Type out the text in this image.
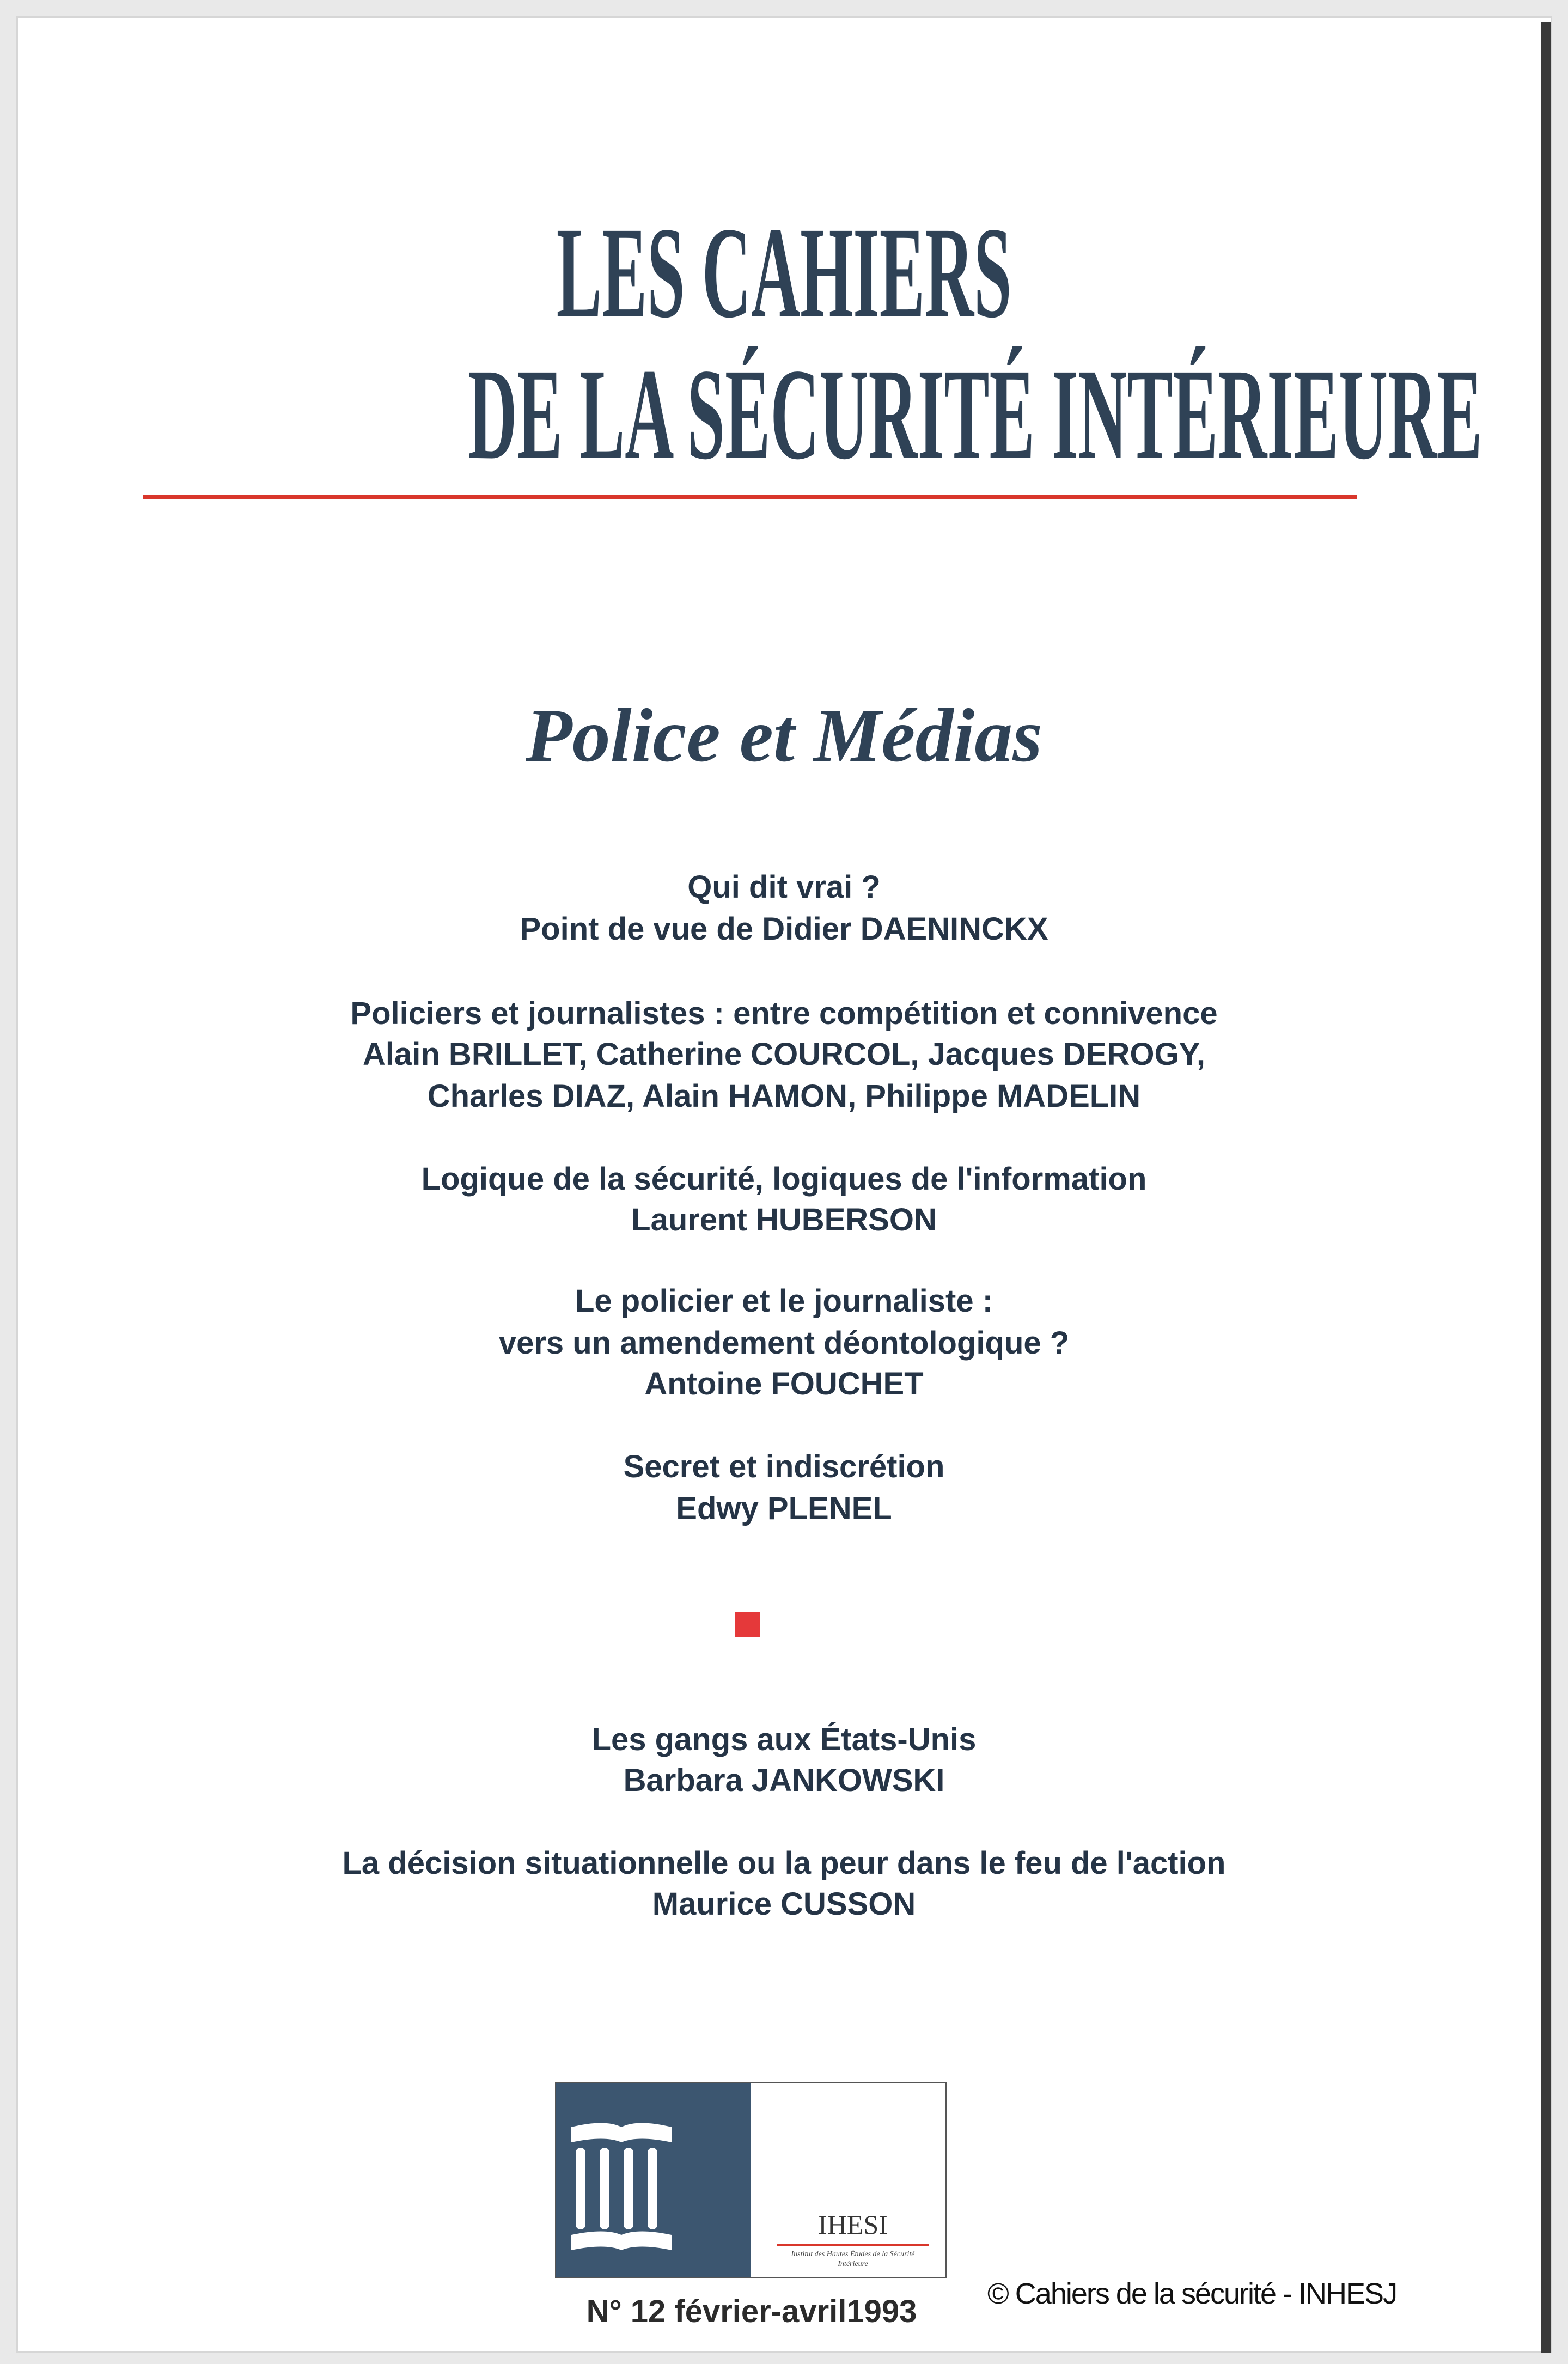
LES CAHIERS
DE LA SÉCURITÉ INTÉRIEURE
Police et Médias
Qui dit vrai ?
Point de vue de Didier DAENINCKX
Policiers et journalistes : entre compétition et connivence
Alain BRILLET, Catherine COURCOL, Jacques DEROGY,
Charles DIAZ, Alain HAMON, Philippe MADELIN
Logique de la sécurité, logiques de l'information
Laurent HUBERSON
Le policier et le journaliste :
vers un amendement déontologique ?
Antoine FOUCHET
Secret et indiscrétion
Edwy PLENEL
Les gangs aux États-Unis
Barbara JANKOWSKI
La décision situationnelle ou la peur dans le feu de l'action
Maurice CUSSON
IHESI
Institut des Hautes Études de la Sécurité Intérieure
N° 12 février-avril1993	© Cahiers de la sécurité - INHESJ
